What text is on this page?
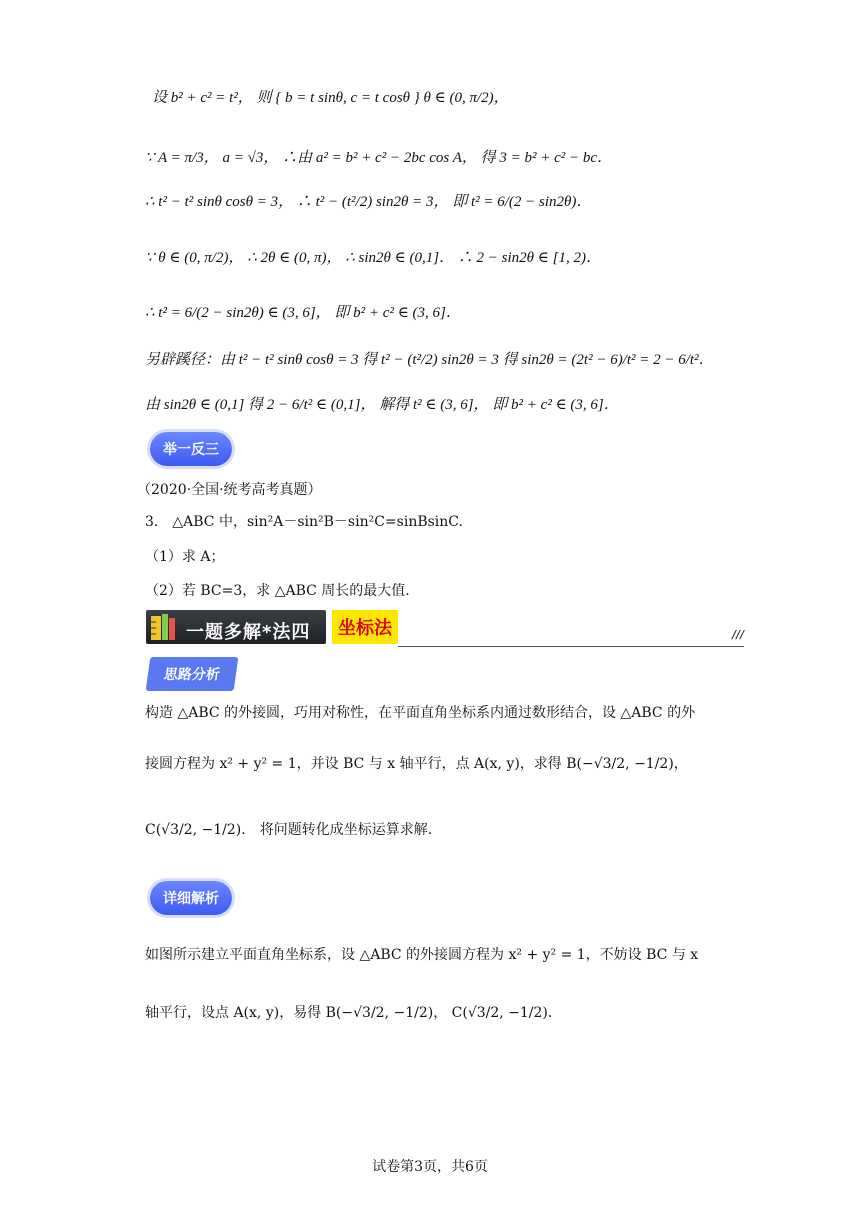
设 b² + c² = t²， 则 { b = t sinθ, c = t cosθ } θ ∈ (0, π/2)，
∵ A = π/3， a = √3， ∴由 a² = b² + c² − 2bc cos A， 得 3 = b² + c² − bc．
∴ t² − t² sinθ cosθ = 3， ∴ t² − (t²/2) sin2θ = 3， 即 t² = 6/(2 − sin2θ)．
∵ θ ∈ (0, π/2)， ∴ 2θ ∈ (0, π)， ∴ sin2θ ∈ (0,1]． ∴ 2 − sin2θ ∈ [1, 2)．
∴ t² = 6/(2 − sin2θ) ∈ (3, 6]， 即 b² + c² ∈ (3, 6]．
另辟蹊径：由 t² − t² sinθ cosθ = 3 得 t² − (t²/2) sin2θ = 3 得 sin2θ = (2t² − 6)/t² = 2 − 6/t²．
由 sin2θ ∈ (0,1] 得 2 − 6/t² ∈ (0,1]， 解得 t² ∈ (3, 6]， 即 b² + c² ∈ (3, 6]．
举一反三
（2020·全国·统考高考真题）
3． △ABC 中，sin²A－sin²B－sin²C=sinBsinC.
（1）求 A；
（2）若 BC=3，求 △ABC 周长的最大值.
一题多解*法四	坐标法	///
思路分析
构造 △ABC 的外接圆，巧用对称性，在平面直角坐标系内通过数形结合，设 △ABC 的外
接圆方程为 x² + y² = 1，并设 BC 与 x 轴平行，点 A(x, y)，求得 B(−√3/2, −1/2)，
C(√3/2, −1/2)． 将问题转化成坐标运算求解.
详细解析
如图所示建立平面直角坐标系，设 △ABC 的外接圆方程为 x² + y² = 1，不妨设 BC 与 x
轴平行，设点 A(x, y)，易得 B(−√3/2, −1/2)， C(√3/2, −1/2)．
试卷第3页，共6页
